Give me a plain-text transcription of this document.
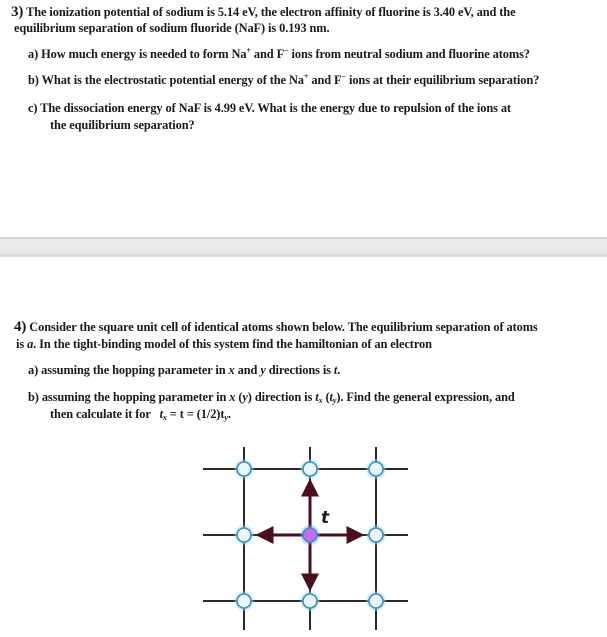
3) The ionization potential of sodium is 5.14 eV, the electron affinity of fluorine is 3.40 eV, and the
equilibrium separation of sodium fluoride (NaF) is 0.193 nm.
a) How much energy is needed to form Na+ and F− ions from neutral sodium and fluorine atoms?
b) What is the electrostatic potential energy of the Na+ and F− ions at their equilibrium separation?
c) The dissociation energy of NaF is 4.99 eV. What is the energy due to repulsion of the ions at
the equilibrium separation?
4) Consider the square unit cell of identical atoms shown below. The equilibrium separation of atoms
is a. In the tight-binding model of this system find the hamiltonian of an electron
a) assuming the hopping parameter in x and y directions is t.
b) assuming the hopping parameter in x (y) direction is $t_x$ $(t_y)$. Find the general expression, and
then calculate it for   $t_x = t = (1/2)t_y$.
t
